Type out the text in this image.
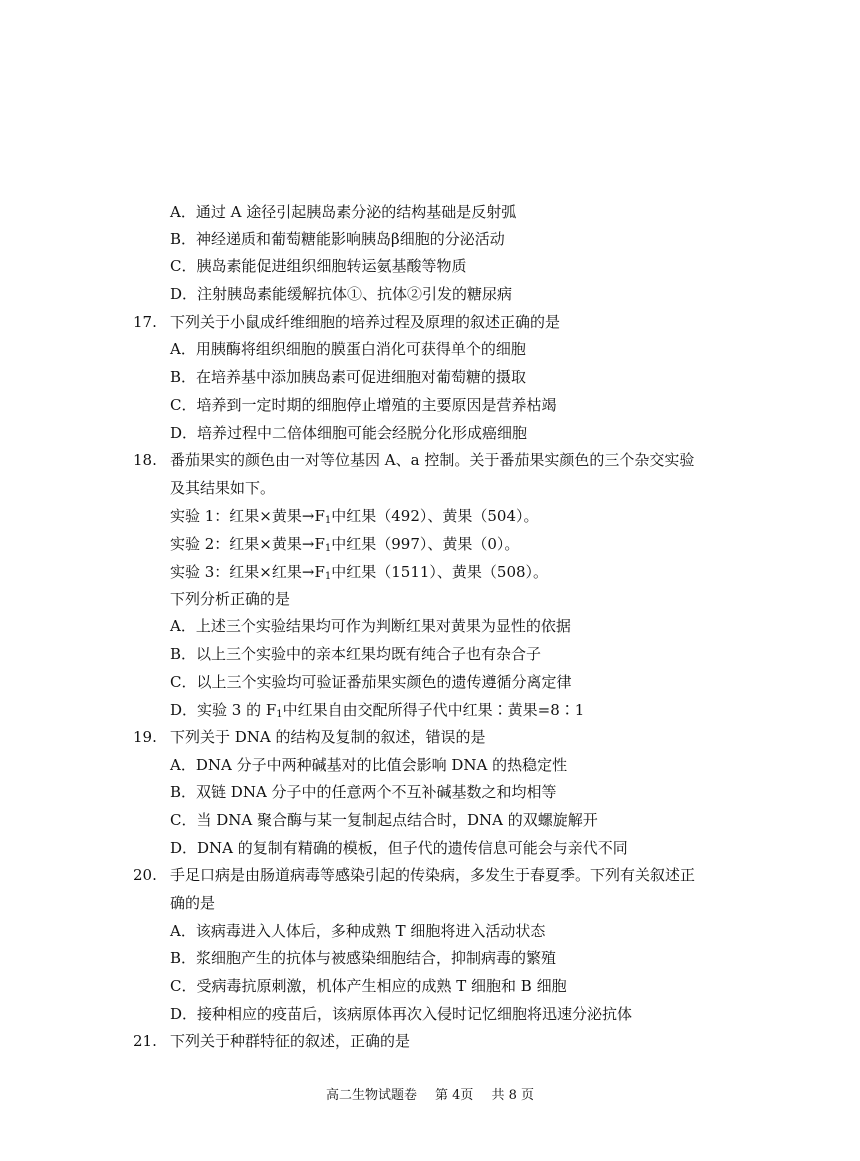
A．通过 A 途径引起胰岛素分泌的结构基础是反射弧
B．神经递质和葡萄糖能影响胰岛β细胞的分泌活动
C．胰岛素能促进组织细胞转运氨基酸等物质
D．注射胰岛素能缓解抗体①、抗体②引发的糖尿病
17. 下列关于小鼠成纤维细胞的培养过程及原理的叙述正确的是
A．用胰酶将组织细胞的膜蛋白消化可获得单个的细胞
B．在培养基中添加胰岛素可促进细胞对葡萄糖的摄取
C．培养到一定时期的细胞停止增殖的主要原因是营养枯竭
D．培养过程中二倍体细胞可能会经脱分化形成癌细胞
18. 番茄果实的颜色由一对等位基因 A、a 控制。关于番茄果实颜色的三个杂交实验
及其结果如下。
实验 1：红果×黄果$\to F_1$中红果（492）、黄果（504）。
实验 2：红果×黄果$\to F_1$中红果（997）、黄果（0）。
实验 3：红果×红果$\to F_1$中红果（1511）、黄果（508）。
下列分析正确的是
A．上述三个实验结果均可作为判断红果对黄果为显性的依据
B．以上三个实验中的亲本红果均既有纯合子也有杂合子
C．以上三个实验均可验证番茄果实颜色的遗传遵循分离定律
D．实验 3 的 $F_1$中红果自由交配所得子代中红果∶黄果=8∶1
19. 下列关于 DNA 的结构及复制的叙述，错误的是
A．DNA 分子中两种碱基对的比值会影响 DNA 的热稳定性
B．双链 DNA 分子中的任意两个不互补碱基数之和均相等
C．当 DNA 聚合酶与某一复制起点结合时，DNA 的双螺旋解开
D．DNA 的复制有精确的模板，但子代的遗传信息可能会与亲代不同
20. 手足口病是由肠道病毒等感染引起的传染病，多发生于春夏季。下列有关叙述正
确的是
A．该病毒进入人体后，多种成熟 T 细胞将进入活动状态
B．浆细胞产生的抗体与被感染细胞结合，抑制病毒的繁殖
C．受病毒抗原刺激，机体产生相应的成熟 T 细胞和 B 细胞
D．接种相应的疫苗后，该病原体再次入侵时记忆细胞将迅速分泌抗体
21. 下列关于种群特征的叙述，正确的是
高二生物试题卷 第 4页 共 8 页
